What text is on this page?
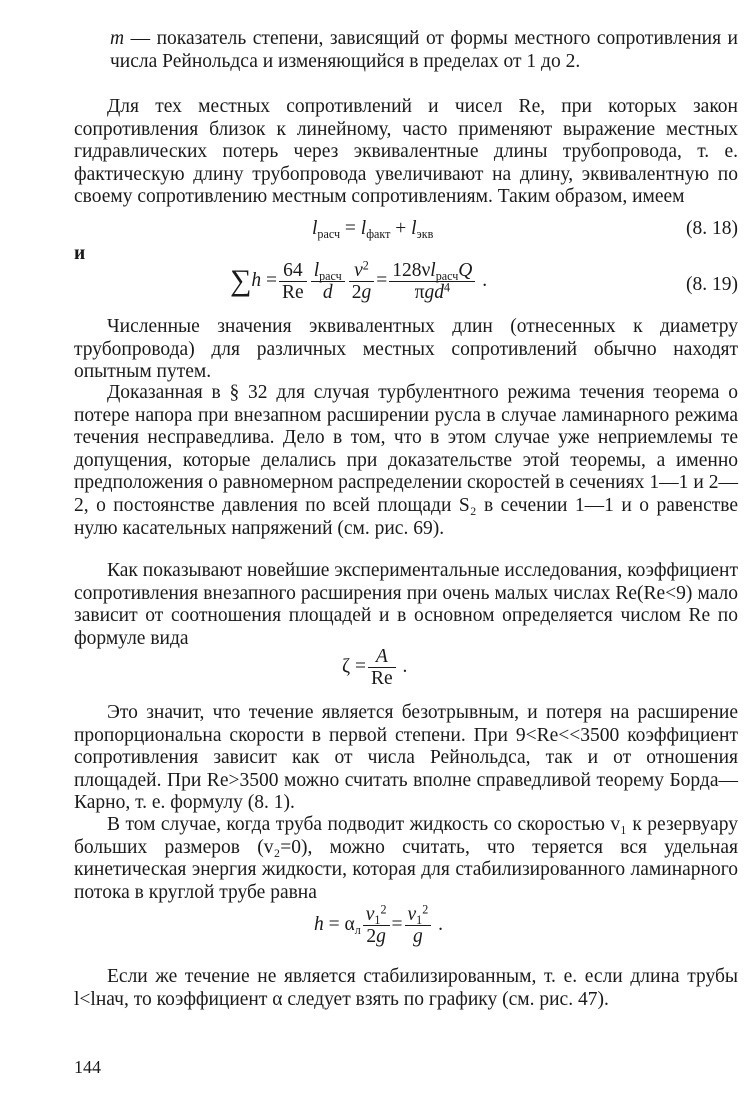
m — показатель степени, зависящий от формы местного сопротивления и числа Рейнольдса и изменяющийся в пределах от 1 до 2.

Для тех местных сопротивлений и чисел Re, при которых закон сопротивления близок к линейному, часто применяют выражение местных гидравлических потерь через эквивалентные длины трубопровода, т. е. фактическую длину трубопровода увеличивают на длину, эквивалентную по своему сопротивлению местным сопротивлениям. Таким образом, имеем

$l_{расч} = l_{факт} + l_{экв}$	(8. 18)
и
$\sum h = \frac{64}{Re} \frac{l_{расч}}{d} \frac{v^2}{2g} = \frac{128\nu l_{расч}Q}{\pi gd^4}$ .	(8. 19)

Численные значения эквивалентных длин (отнесенных к диаметру трубопровода) для различных местных сопротивлений обычно находят опытным путем.

Доказанная в § 32 для случая турбулентного режима течения теорема о потере напора при внезапном расширении русла в случае ламинарного режима течения несправедлива. Дело в том, что в этом случае уже неприемлемы те допущения, которые делались при доказательстве этой теоремы, а именно предположения о равномерном распределении скоростей в сечениях 1—1 и 2—2, о постоянстве давления по всей площади S₂ в сечении 1—1 и о равенстве нулю касательных напряжений (см. рис. 69).

Как показывают новейшие экспериментальные исследования, коэффициент сопротивления внезапного расширения при очень малых числах Re(Re<9) мало зависит от соотношения площадей и в основном определяется числом Re по формуле вида

$\zeta = \frac{A}{Re}$ .

Это значит, что течение является безотрывным, и потеря на расширение пропорциональна скорости в первой степени. При 9<Re<<3500 коэффициент сопротивления зависит как от числа Рейнольдса, так и от отношения площадей. При Re>3500 можно считать вполне справедливой теорему Борда—Карно, т. е. формулу (8. 1).

В том случае, когда труба подводит жидкость со скоростью v₁ к резервуару больших размеров (v₂=0), можно считать, что теряется вся удельная кинетическая энергия жидкости, которая для стабилизированного ламинарного потока в круглой трубе равна

$h = \alpha_л \frac{v_1^2}{2g} = \frac{v_1^2}{g}$ .

Если же течение не является стабилизированным, т. е. если длина трубы l<lнач, то коэффициент α следует взять по графику (см. рис. 47).

144
